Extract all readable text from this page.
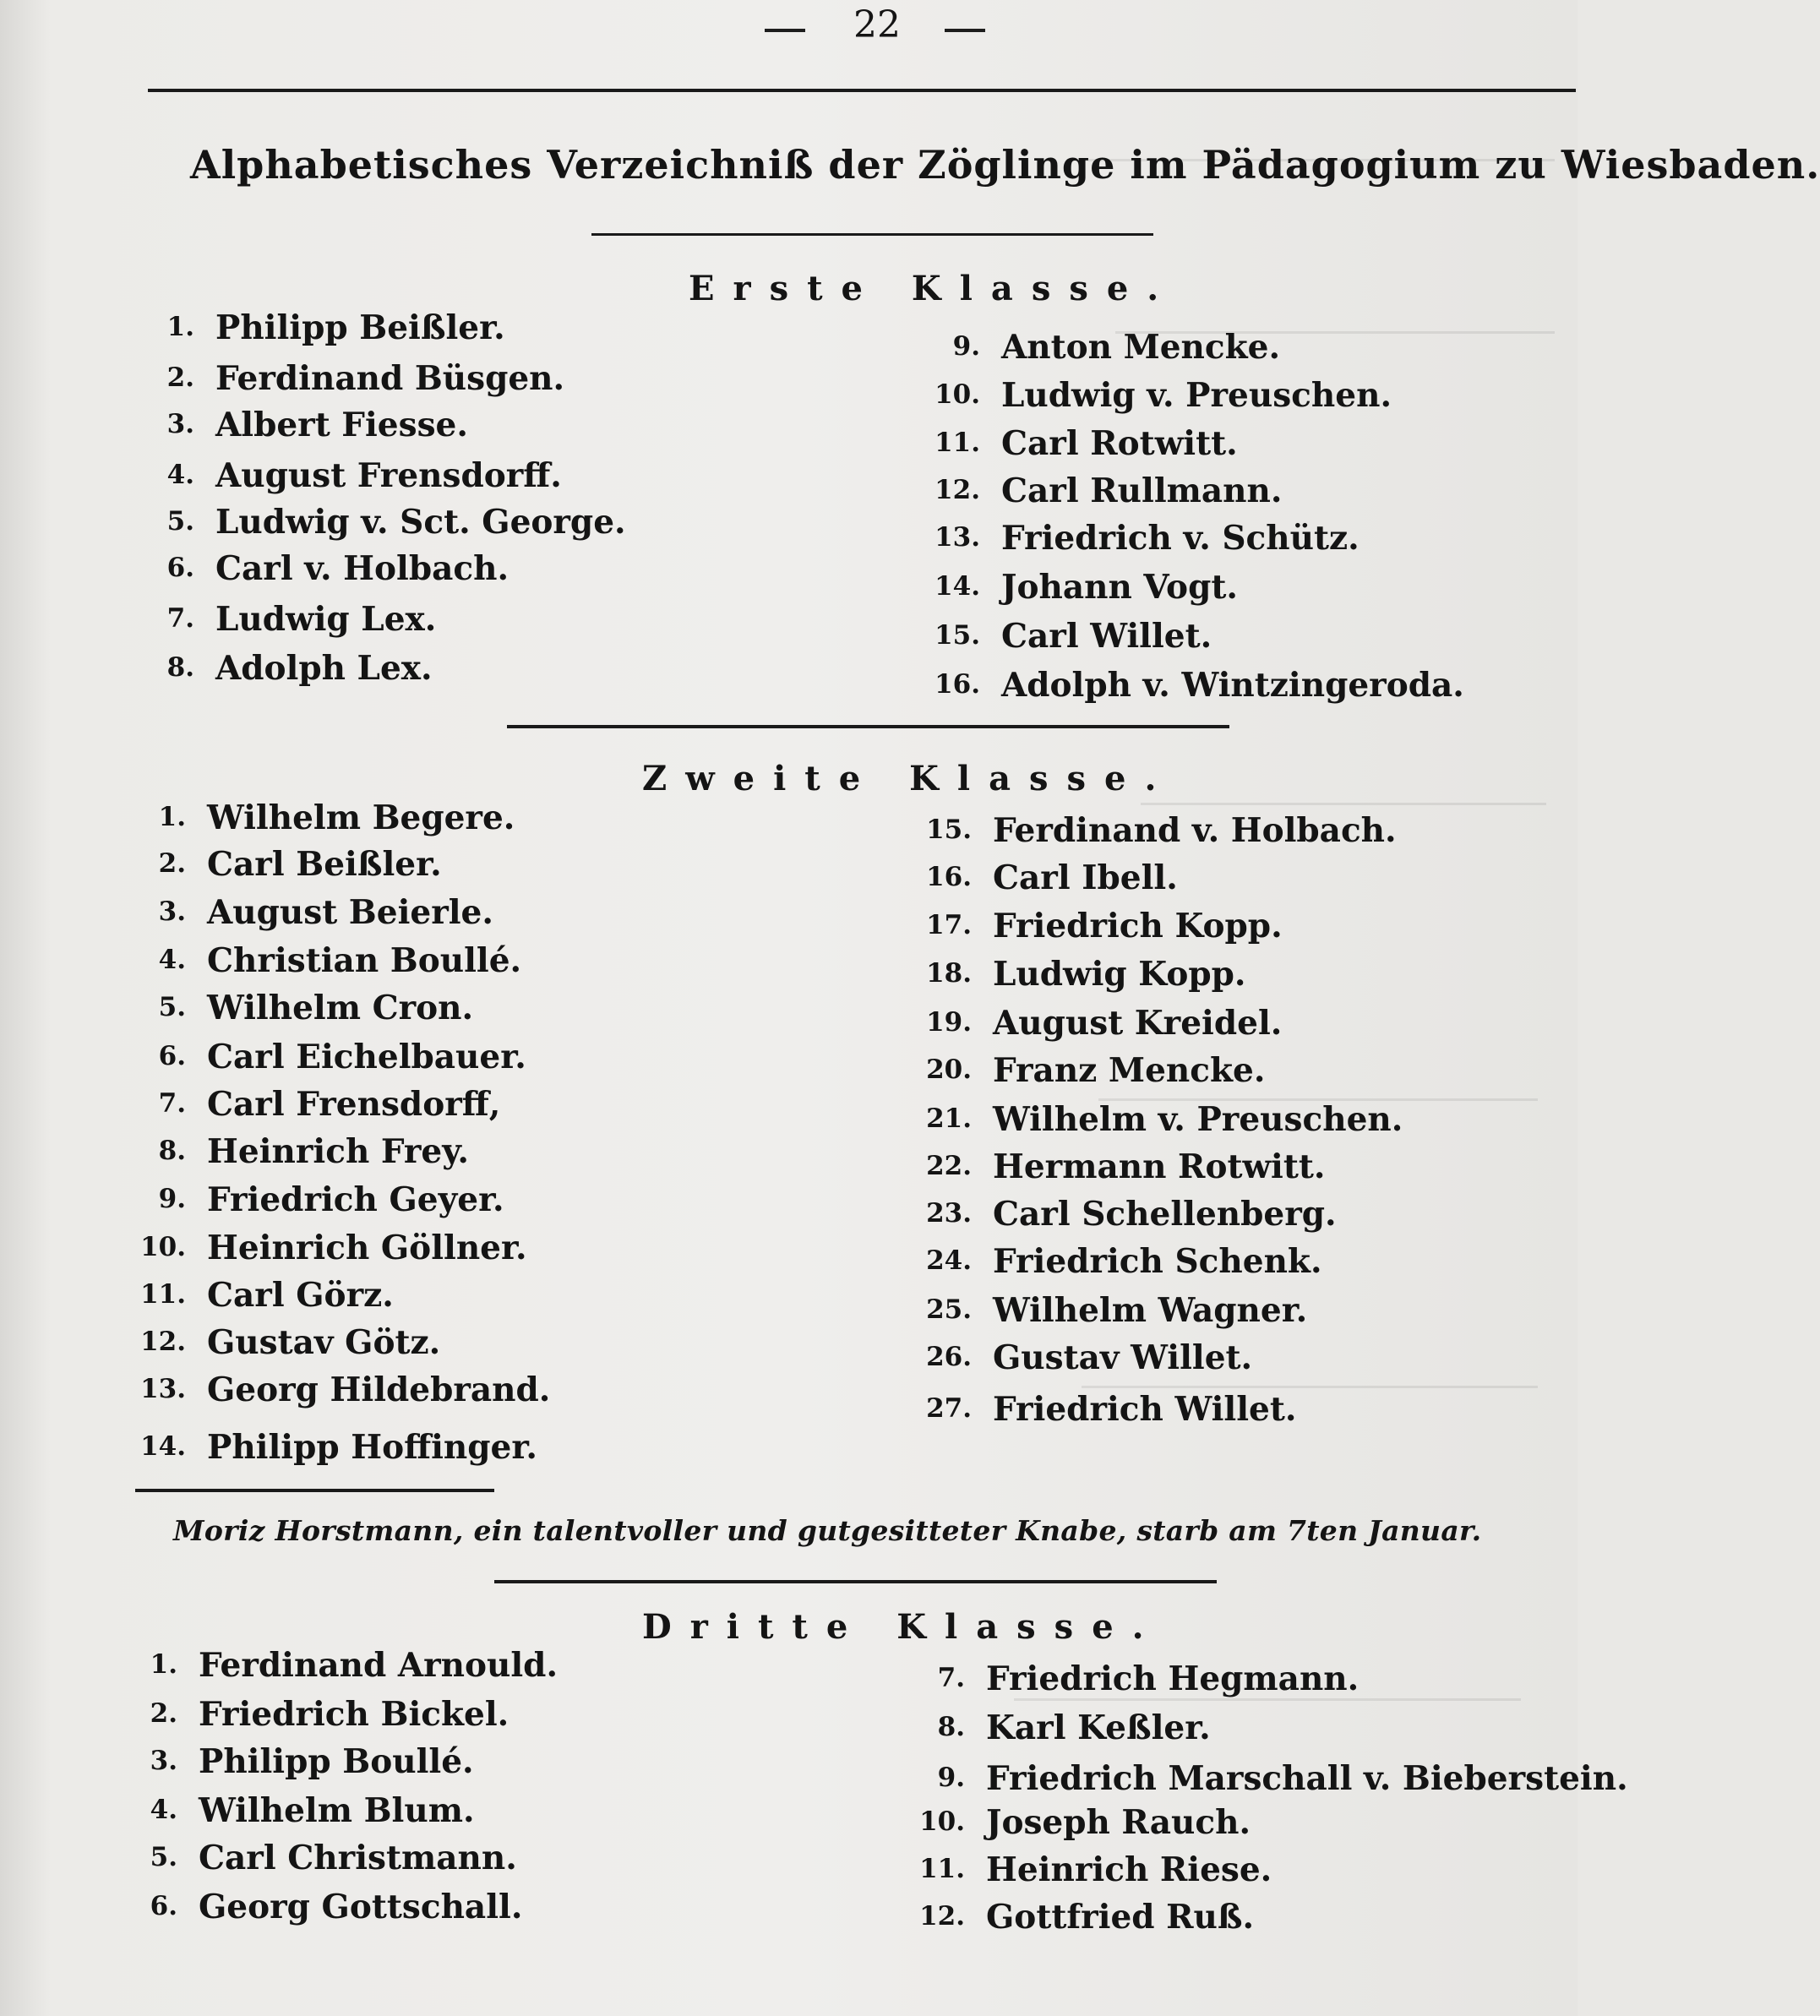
22
Alphabetisches Verzeichniß der Zöglinge im Pädagogium zu Wiesbaden.
Erste Klasse.
1. Philipp Beißler.
2. Ferdinand Büsgen.
3. Albert Fiesse.
4. August Frensdorff.
5. Ludwig v. Sct. George.
6. Carl v. Holbach.
7. Ludwig Lex.
8. Adolph Lex.
9. Anton Mencke.
10. Ludwig v. Preuschen.
11. Carl Rotwitt.
12. Carl Rullmann.
13. Friedrich v. Schütz.
14. Johann Vogt.
15. Carl Willet.
16. Adolph v. Wintzingeroda.
Zweite Klasse.
1. Wilhelm Begere.
2. Carl Beißler.
3. August Beierle.
4. Christian Boullé.
5. Wilhelm Cron.
6. Carl Eichelbauer.
7. Carl Frensdorff,
8. Heinrich Frey.
9. Friedrich Geyer.
10. Heinrich Göllner.
11. Carl Görz.
12. Gustav Götz.
13. Georg Hildebrand.
14. Philipp Hoffinger.
15. Ferdinand v. Holbach.
16. Carl Ibell.
17. Friedrich Kopp.
18. Ludwig Kopp.
19. August Kreidel.
20. Franz Mencke.
21. Wilhelm v. Preuschen.
22. Hermann Rotwitt.
23. Carl Schellenberg.
24. Friedrich Schenk.
25. Wilhelm Wagner.
26. Gustav Willet.
27. Friedrich Willet.
Moriz Horstmann, ein talentvoller und gutgesitteter Knabe, starb am 7ten Januar.
Dritte Klasse.
1. Ferdinand Arnould.
2. Friedrich Bickel.
3. Philipp Boullé.
4. Wilhelm Blum.
5. Carl Christmann.
6. Georg Gottschall.
7. Friedrich Hegmann.
8. Karl Keßler.
9. Friedrich Marschall v. Bieberstein.
10. Joseph Rauch.
11. Heinrich Riese.
12. Gottfried Ruß.
